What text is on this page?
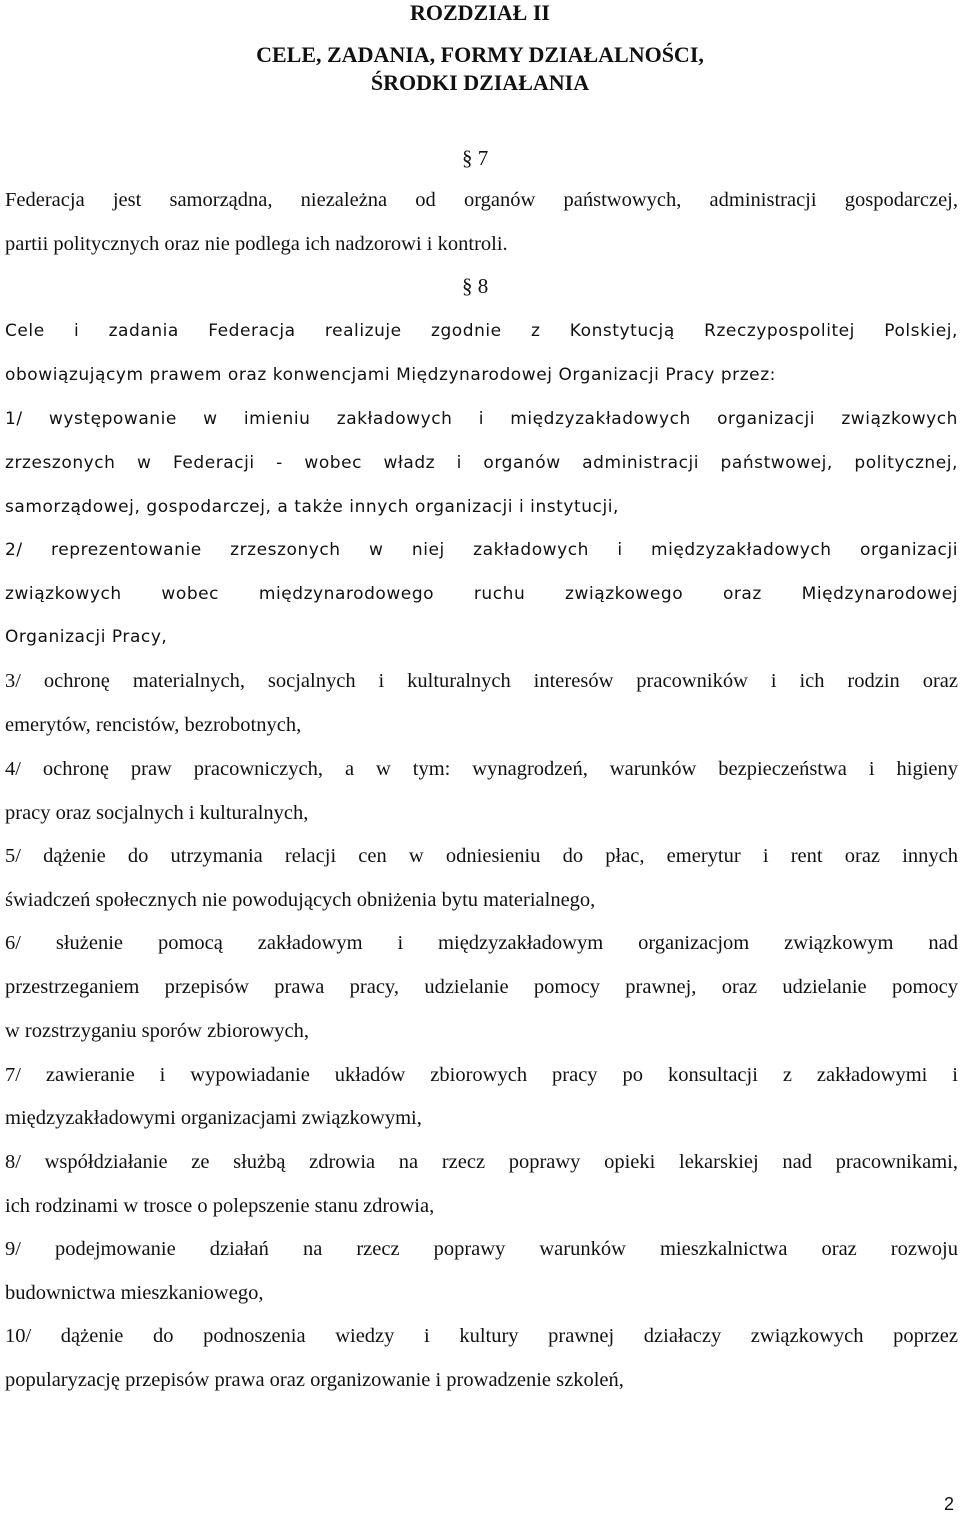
ROZDZIAŁ II
CELE, ZADANIA, FORMY DZIAŁALNOŚCI,
ŚRODKI DZIAŁANIA
§ 7
Federacja jest samorządna, niezależna od organów państwowych, administracji gospodarczej,
partii politycznych oraz nie podlega ich nadzorowi i kontroli.
§ 8
Cele i zadania Federacja realizuje zgodnie z Konstytucją Rzeczypospolitej Polskiej,
obowiązującym prawem oraz konwencjami Międzynarodowej Organizacji Pracy przez:
1/ występowanie w imieniu zakładowych i międzyzakładowych organizacji związkowych
zrzeszonych w Federacji - wobec władz i organów administracji państwowej, politycznej,
samorządowej, gospodarczej, a także innych organizacji i instytucji,
2/ reprezentowanie zrzeszonych w niej zakładowych i międzyzakładowych organizacji
związkowych wobec międzynarodowego ruchu związkowego oraz Międzynarodowej
Organizacji Pracy,
3/ ochronę materialnych, socjalnych i kulturalnych interesów pracowników i ich rodzin oraz
emerytów, rencistów, bezrobotnych,
4/ ochronę praw pracowniczych, a w tym: wynagrodzeń, warunków bezpieczeństwa i higieny
pracy oraz socjalnych i kulturalnych,
5/ dążenie do utrzymania relacji cen w odniesieniu do płac, emerytur i rent oraz innych
świadczeń społecznych nie powodujących obniżenia bytu materialnego,
6/ służenie pomocą zakładowym i międzyzakładowym organizacjom związkowym nad
przestrzeganiem przepisów prawa pracy, udzielanie pomocy prawnej, oraz udzielanie pomocy
w rozstrzyganiu sporów zbiorowych,
7/ zawieranie i wypowiadanie układów zbiorowych pracy po konsultacji z zakładowymi i
międzyzakładowymi organizacjami związkowymi,
8/ współdziałanie ze służbą zdrowia na rzecz poprawy opieki lekarskiej nad pracownikami,
ich rodzinami w trosce o polepszenie stanu zdrowia,
9/ podejmowanie działań na rzecz poprawy warunków mieszkalnictwa oraz rozwoju
budownictwa mieszkaniowego,
10/ dążenie do podnoszenia wiedzy i kultury prawnej działaczy związkowych poprzez
popularyzację przepisów prawa oraz organizowanie i prowadzenie szkoleń,
2
